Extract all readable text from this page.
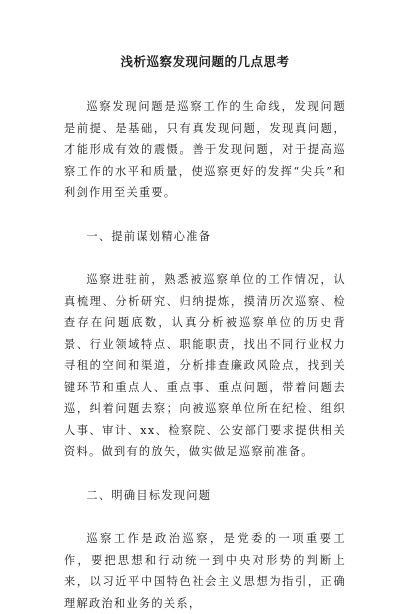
浅析巡察发现问题的几点思考

巡察发现问题是巡察工作的生命线，发现问题是前提、是基础，只有真发现问题，发现真问题，才能形成有效的震慑。善于发现问题，对于提高巡察工作的水平和质量，使巡察更好的发挥“尖兵”和利剑作用至关重要。

一、提前谋划精心准备

巡察进驻前，熟悉被巡察单位的工作情况，认真梳理、分析研究、归纳提炼，摸清历次巡察、检查存在问题底数，认真分析被巡察单位的历史背景、行业领域特点、职能职责，找出不同行业权力寻租的空间和渠道，分析排查廉政风险点，找到关键环节和重点人、重点事、重点问题，带着问题去巡，纠着问题去察；向被巡察单位所在纪检、组织人事、审计、xx、检察院、公安部门要求提供相关资料。做到有的放矢，做实做足巡察前准备。

二、明确目标发现问题

巡察工作是政治巡察，是党委的一项重要工作，要把思想和行动统一到中央对形势的判断上来，以习近平中国特色社会主义思想为指引，正确理解政治和业务的关系，
